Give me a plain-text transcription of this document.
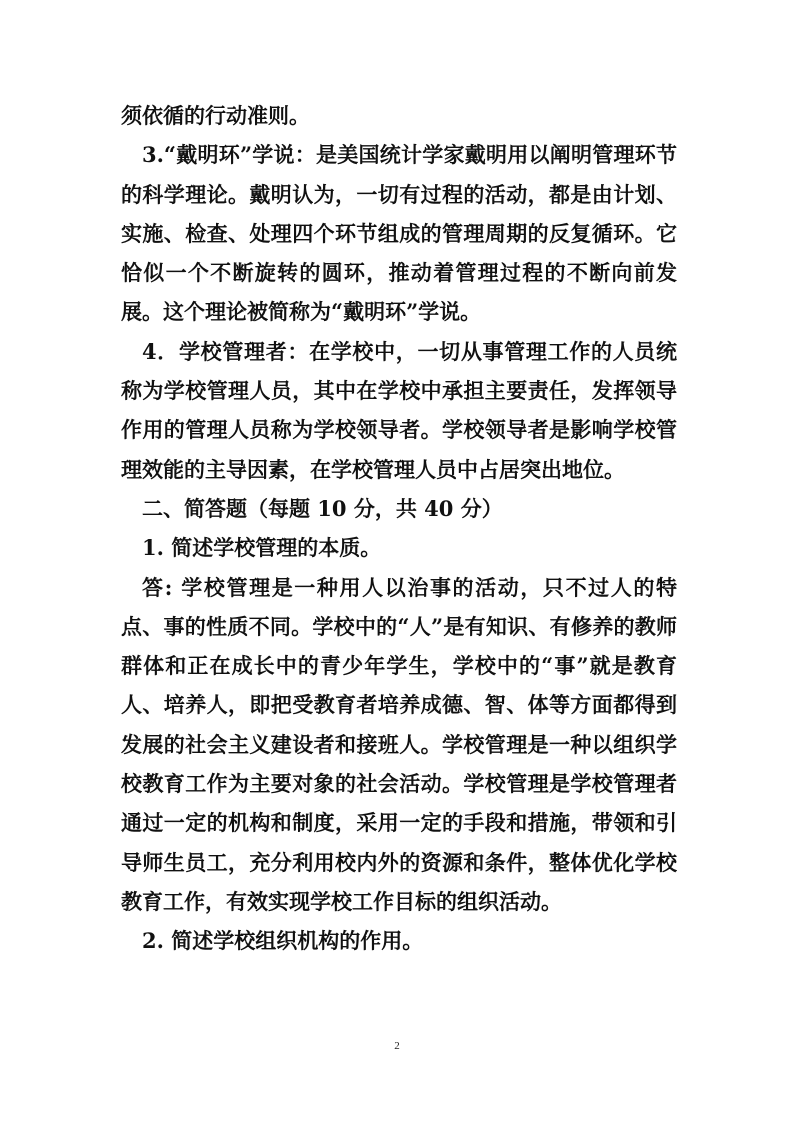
须依循的行动准则。

3.“戴明环”学说：是美国统计学家戴明用以阐明管理环节的科学理论。戴明认为，一切有过程的活动，都是由计划、实施、检查、处理四个环节组成的管理周期的反复循环。它恰似一个不断旋转的圆环，推动着管理过程的不断向前发展。这个理论被简称为“戴明环”学说。

4．学校管理者：在学校中，一切从事管理工作的人员统称为学校管理人员，其中在学校中承担主要责任，发挥领导作用的管理人员称为学校领导者。学校领导者是影响学校管理效能的主导因素，在学校管理人员中占居突出地位。

二、简答题（每题 10 分，共 40 分）

1. 简述学校管理的本质。

答: 学校管理是一种用人以治事的活动，只不过人的特点、事的性质不同。学校中的“人”是有知识、有修养的教师群体和正在成长中的青少年学生，学校中的“事”就是教育人、培养人，即把受教育者培养成德、智、体等方面都得到发展的社会主义建设者和接班人。学校管理是一种以组织学校教育工作为主要对象的社会活动。学校管理是学校管理者通过一定的机构和制度，采用一定的手段和措施，带领和引导师生员工，充分利用校内外的资源和条件，整体优化学校教育工作，有效实现学校工作目标的组织活动。

2. 简述学校组织机构的作用。

2
